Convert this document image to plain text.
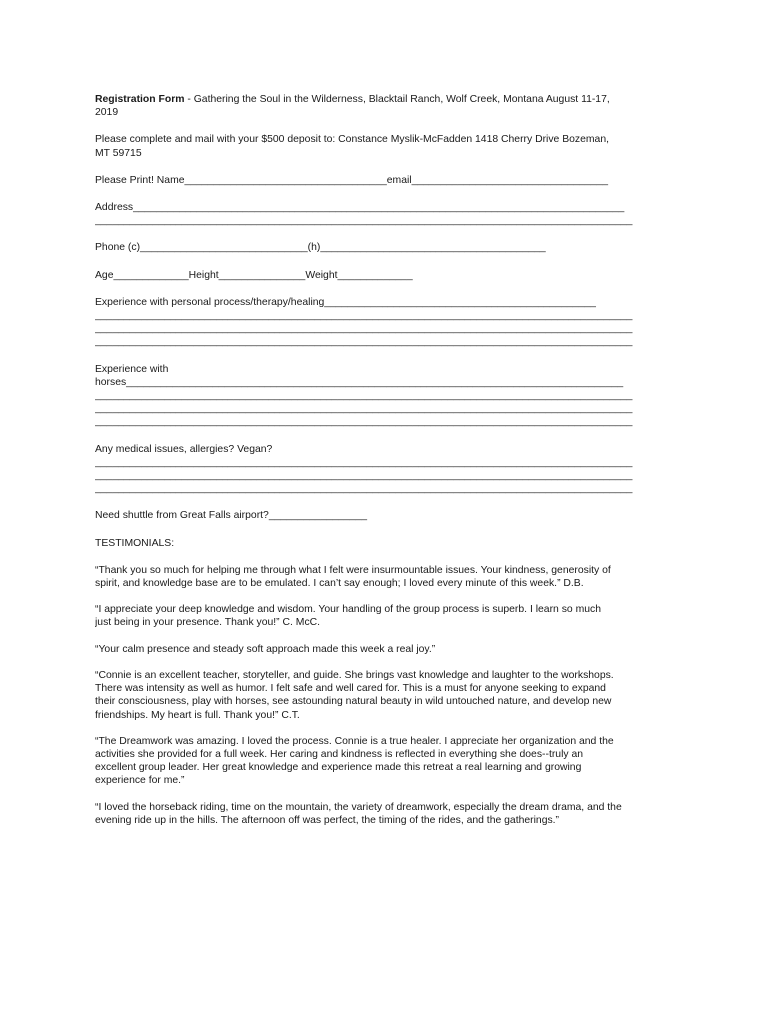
Registration Form - Gathering the Soul in the Wilderness, Blacktail Ranch, Wolf Creek, Montana August 11-17,
2019
Please complete and mail with your $500 deposit to: Constance Myslik-McFadden 1418 Cherry Drive Bozeman,
MT 59715
Please Print! Name___________________________________email__________________________________
Address_____________________________________________________________________________________
_____________________________________________________________________________________________
Phone (c)_____________________________(h)_______________________________________
Age_____________Height_______________Weight_____________
Experience with personal process/therapy/healing_______________________________________________
_____________________________________________________________________________________________
_____________________________________________________________________________________________
_____________________________________________________________________________________________
Experience with
horses______________________________________________________________________________________
_____________________________________________________________________________________________
_____________________________________________________________________________________________
_____________________________________________________________________________________________
Any medical issues, allergies? Vegan?
_____________________________________________________________________________________________
_____________________________________________________________________________________________
_____________________________________________________________________________________________
Need shuttle from Great Falls airport?_________________
TESTIMONIALS:
“Thank you so much for helping me through what I felt were insurmountable issues. Your kindness, generosity of
spirit, and knowledge base are to be emulated. I can’t say enough; I loved every minute of this week.” D.B.
“I appreciate your deep knowledge and wisdom. Your handling of the group process is superb. I learn so much
just being in your presence. Thank you!” C. McC.
“Your calm presence and steady soft approach made this week a real joy.”
“Connie is an excellent teacher, storyteller, and guide. She brings vast knowledge and laughter to the workshops.
There was intensity as well as humor. I felt safe and well cared for. This is a must for anyone seeking to expand
their consciousness, play with horses, see astounding natural beauty in wild untouched nature, and develop new
friendships. My heart is full. Thank you!” C.T.
“The Dreamwork was amazing. I loved the process. Connie is a true healer. I appreciate her organization and the
activities she provided for a full week. Her caring and kindness is reflected in everything she does--truly an
excellent group leader. Her great knowledge and experience made this retreat a real learning and growing
experience for me.”
“I loved the horseback riding, time on the mountain, the variety of dreamwork, especially the dream drama, and the
evening ride up in the hills. The afternoon off was perfect, the timing of the rides, and the gatherings.”
